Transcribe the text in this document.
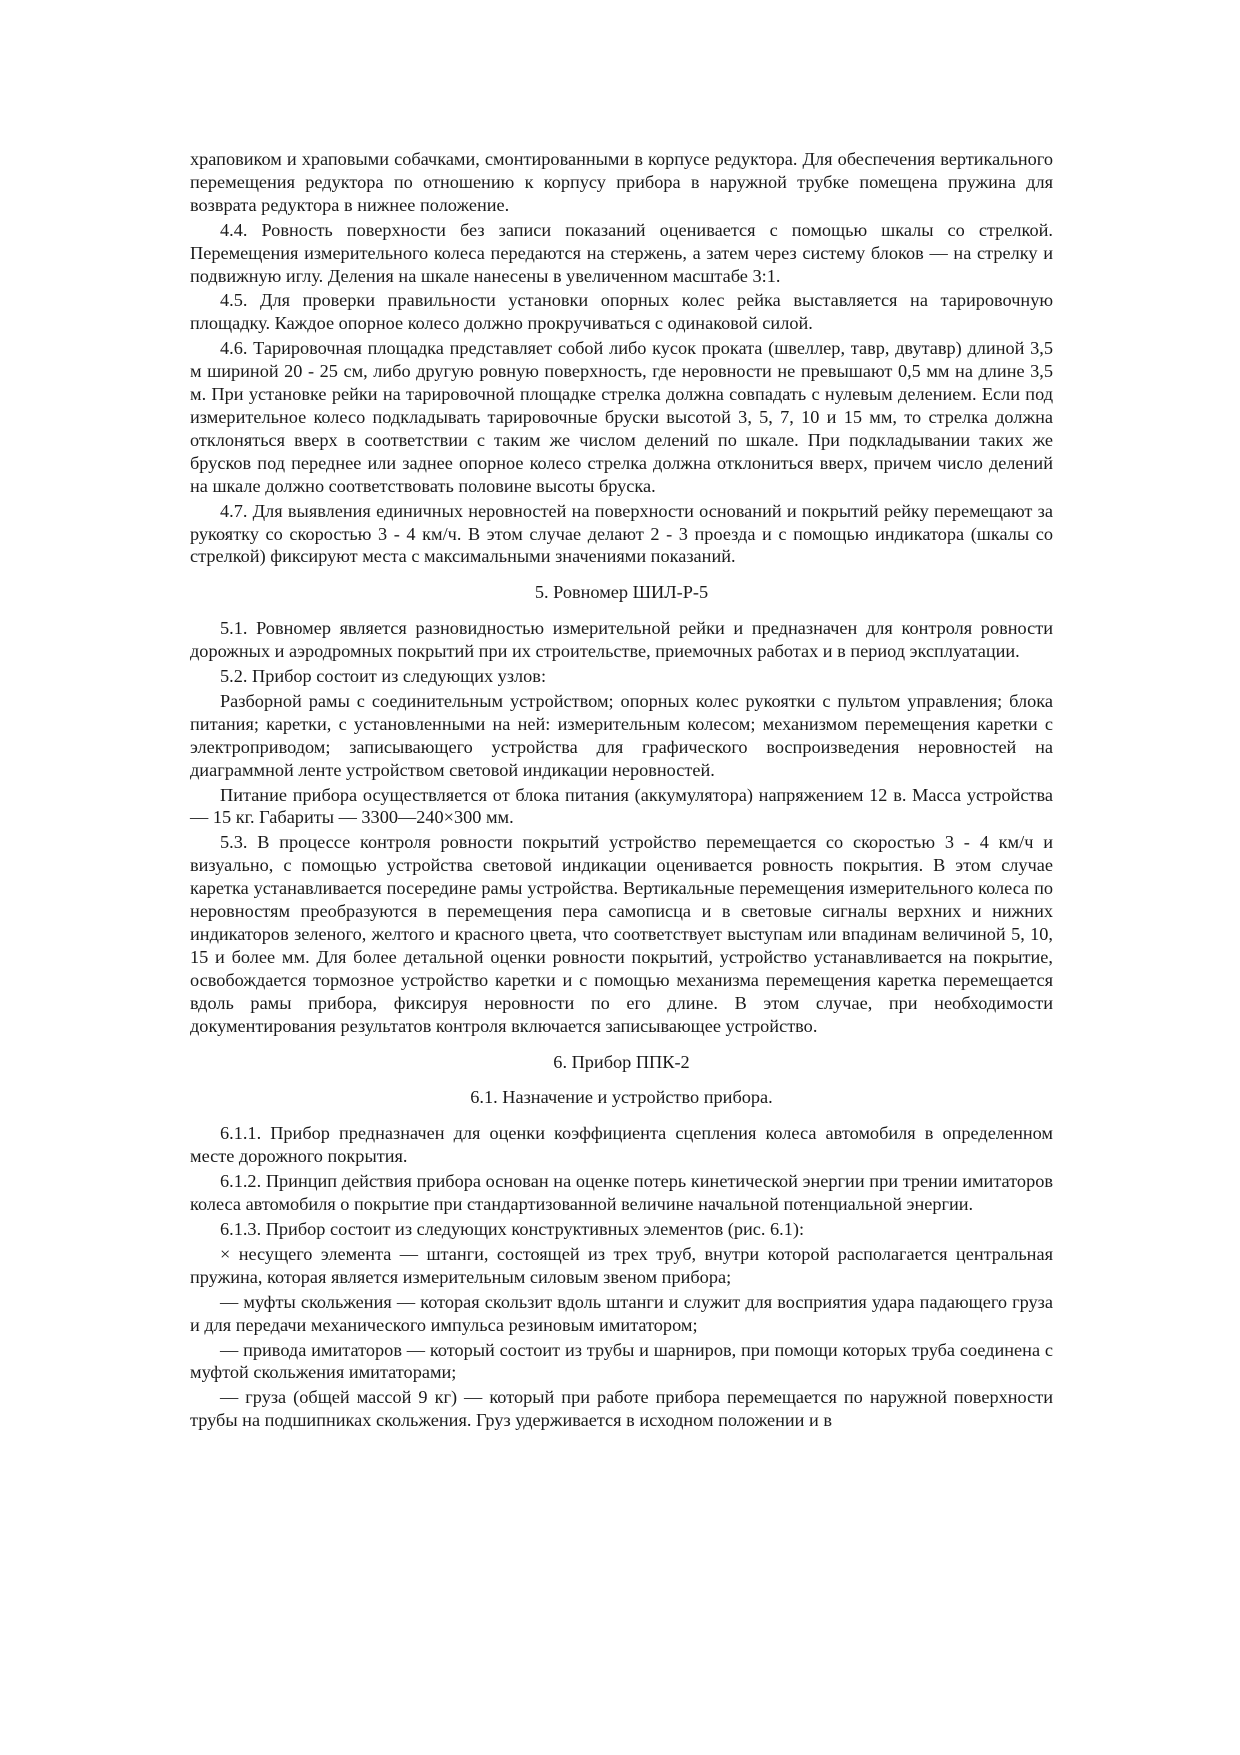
храповиком и храповыми собачками, смонтированными в корпусе редуктора. Для обеспечения вертикального перемещения редуктора по отношению к корпусу прибора в наружной трубке помещена пружина для возврата редуктора в нижнее положение.

4.4. Ровность поверхности без записи показаний оценивается с помощью шкалы со стрелкой. Перемещения измерительного колеса передаются на стержень, а затем через систему блоков — на стрелку и подвижную иглу. Деления на шкале нанесены в увеличенном масштабе 3:1.

4.5. Для проверки правильности установки опорных колес рейка выставляется на тарировочную площадку. Каждое опорное колесо должно прокручиваться с одинаковой силой.

4.6. Тарировочная площадка представляет собой либо кусок проката (швеллер, тавр, двутавр) длиной 3,5 м шириной 20 - 25 см, либо другую ровную поверхность, где неровности не превышают 0,5 мм на длине 3,5 м. При установке рейки на тарировочной площадке стрелка должна совпадать с нулевым делением. Если под измерительное колесо подкладывать тарировочные бруски высотой 3, 5, 7, 10 и 15 мм, то стрелка должна отклоняться вверх в соответствии с таким же числом делений по шкале. При подкладывании таких же брусков под переднее или заднее опорное колесо стрелка должна отклониться вверх, причем число делений на шкале должно соответствовать половине высоты бруска.

4.7. Для выявления единичных неровностей на поверхности оснований и покрытий рейку перемещают за рукоятку со скоростью 3 - 4 км/ч. В этом случае делают 2 - 3 проезда и с помощью индикатора (шкалы со стрелкой) фиксируют места с максимальными значениями показаний.

5. Ровномер ШИЛ-Р-5

5.1. Ровномер является разновидностью измерительной рейки и предназначен для контроля ровности дорожных и аэродромных покрытий при их строительстве, приемочных работах и в период эксплуатации.

5.2. Прибор состоит из следующих узлов:

Разборной рамы с соединительным устройством; опорных колес рукоятки с пультом управления; блока питания; каретки, с установленными на ней: измерительным колесом; механизмом перемещения каретки с электроприводом; записывающего устройства для графического воспроизведения неровностей на диаграммной ленте устройством световой индикации неровностей.

Питание прибора осуществляется от блока питания (аккумулятора) напряжением 12 в. Масса устройства — 15 кг. Габариты — 3300—240×300 мм.

5.3. В процессе контроля ровности покрытий устройство перемещается со скоростью 3 - 4 км/ч и визуально, с помощью устройства световой индикации оценивается ровность покрытия. В этом случае каретка устанавливается посередине рамы устройства. Вертикальные перемещения измерительного колеса по неровностям преобразуются в перемещения пера самописца и в световые сигналы верхних и нижних индикаторов зеленого, желтого и красного цвета, что соответствует выступам или впадинам величиной 5, 10, 15 и более мм. Для более детальной оценки ровности покрытий, устройство устанавливается на покрытие, освобождается тормозное устройство каретки и с помощью механизма перемещения каретка перемещается вдоль рамы прибора, фиксируя неровности по его длине. В этом случае, при необходимости документирования результатов контроля включается записывающее устройство.

6. Прибор ППК-2
6.1. Назначение и устройство прибора.

6.1.1. Прибор предназначен для оценки коэффициента сцепления колеса автомобиля в определенном месте дорожного покрытия.

6.1.2. Принцип действия прибора основан на оценке потерь кинетической энергии при трении имитаторов колеса автомобиля о покрытие при стандартизованной величине начальной потенциальной энергии.

6.1.3. Прибор состоит из следующих конструктивных элементов (рис. 6.1):

× несущего элемента — штанги, состоящей из трех труб, внутри которой располагается центральная пружина, которая является измерительным силовым звеном прибора;

— муфты скольжения — которая скользит вдоль штанги и служит для восприятия удара падающего груза и для передачи механического импульса резиновым имитатором;

— привода имитаторов — который состоит из трубы и шарниров, при помощи которых труба соединена с муфтой скольжения имитаторами;

— груза (общей массой 9 кг) — который при работе прибора перемещается по наружной поверхности трубы на подшипниках скольжения. Груз удерживается в исходном положении и в
